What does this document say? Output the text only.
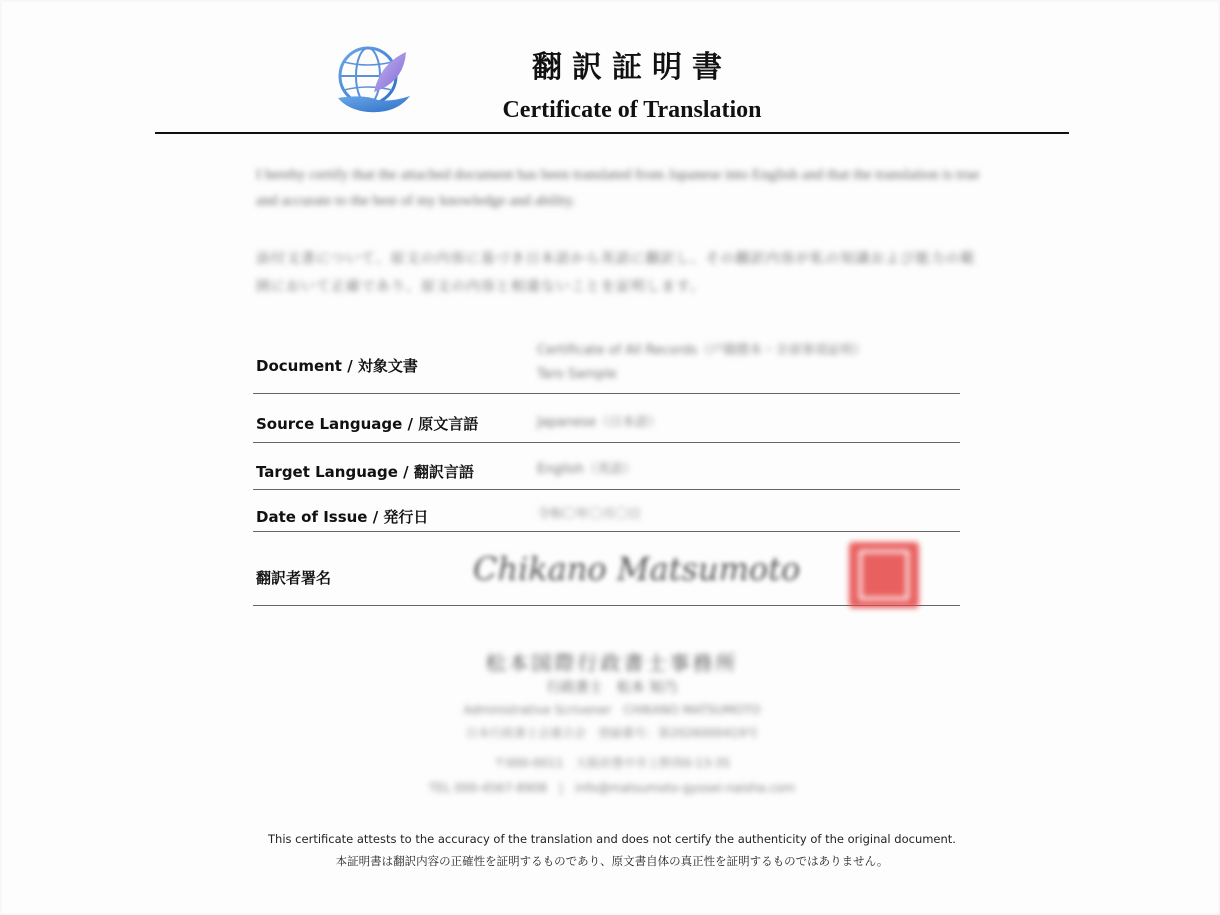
翻訳証明書
Certificate of Translation
I hereby certify that the attached document has been translated from Japanese into English and that the translation is true and accurate to the best of my knowledge and ability.
添付文書について、原文の内容に基づき日本語から英語に翻訳し、その翻訳内容が私の知識および能力の範囲において正確であり、原文の内容と相違ないことを証明します。
Document / 対象文書
Certificate of All Records（戸籍謄本・全部事項証明）
Taro Sample
Source Language / 原文言語	Japanese（日本語）
Target Language / 翻訳言語	English（英語）
Date of Issue / 発行日	令和〇年〇月〇日
翻訳者署名	Chikano Matsumoto
松本国際行政書士事務所
行政書士　松本 知乃
Administrative Scrivener　CHIKANO MATSUMOTO
日本行政書士会連合会　登録番号：第2026000419号
〒000-0011　大阪府豊中市上野西0-13-35
TEL 000-4567-8908　|　info@matsumoto-gyosei-naisha.com
This certificate attests to the accuracy of the translation and does not certify the authenticity of the original document.
本証明書は翻訳内容の正確性を証明するものであり、原文書自体の真正性を証明するものではありません。
